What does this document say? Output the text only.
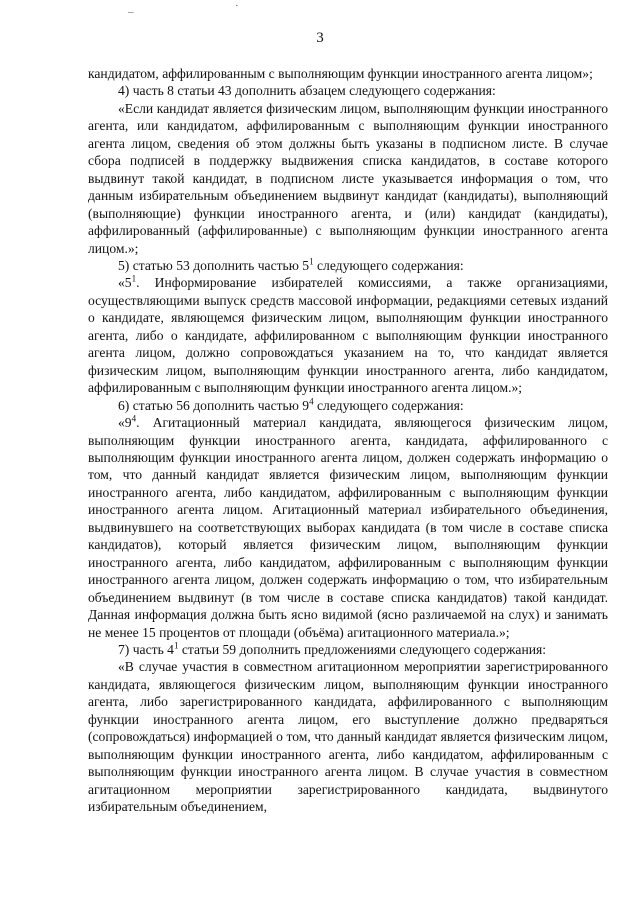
–	·
3

кандидатом, аффилированным с выполняющим функции иностранного агента лицом»;

4) часть 8 статьи 43 дополнить абзацем следующего содержания:

«Если кандидат является физическим лицом, выполняющим функции иностранного агента, или кандидатом, аффилированным с выполняющим функции иностранного агента лицом, сведения об этом должны быть указаны в подписном листе. В случае сбора подписей в поддержку выдвижения списка кандидатов, в составе которого выдвинут такой кандидат, в подписном листе указывается информация о том, что данным избирательным объединением выдвинут кандидат (кандидаты), выполняющий (выполняющие) функции иностранного агента, и (или) кандидат (кандидаты), аффилированный (аффилированные) с выполняющим функции иностранного агента лицом.»;

5) статью 53 дополнить частью $5^1$ следующего содержания:

«$5^1$. Информирование избирателей комиссиями, а также организациями, осуществляющими выпуск средств массовой информации, редакциями сетевых изданий о кандидате, являющемся физическим лицом, выполняющим функции иностранного агента, либо о кандидате, аффилированном с выполняющим функции иностранного агента лицом, должно сопровождаться указанием на то, что кандидат является физическим лицом, выполняющим функции иностранного агента, либо кандидатом, аффилированным с выполняющим функции иностранного агента лицом.»;

6) статью 56 дополнить частью $9^4$ следующего содержания:

«$9^4$. Агитационный материал кандидата, являющегося физическим лицом, выполняющим функции иностранного агента, кандидата, аффилированного с выполняющим функции иностранного агента лицом, должен содержать информацию о том, что данный кандидат является физическим лицом, выполняющим функции иностранного агента, либо кандидатом, аффилированным с выполняющим функции иностранного агента лицом. Агитационный материал избирательного объединения, выдвинувшего на соответствующих выборах кандидата (в том числе в составе списка кандидатов), который является физическим лицом, выполняющим функции иностранного агента, либо кандидатом, аффилированным с выполняющим функции иностранного агента лицом, должен содержать информацию о том, что избирательным объединением выдвинут (в том числе в составе списка кандидатов) такой кандидат. Данная информация должна быть ясно видимой (ясно различаемой на слух) и занимать не менее 15 процентов от площади (объёма) агитационного материала.»;

7) часть $4^1$ статьи 59 дополнить предложениями следующего содержания:

«В случае участия в совместном агитационном мероприятии зарегистрированного кандидата, являющегося физическим лицом, выполняющим функции иностранного агента, либо зарегистрированного кандидата, аффилированного с выполняющим функции иностранного агента лицом, его выступление должно предваряться (сопровождаться) информацией о том, что данный кандидат является физическим лицом, выполняющим функции иностранного агента, либо кандидатом, аффилированным с выполняющим функции иностранного агента лицом. В случае участия в совместном агитационном мероприятии зарегистрированного кандидата, выдвинутого избирательным объединением,
